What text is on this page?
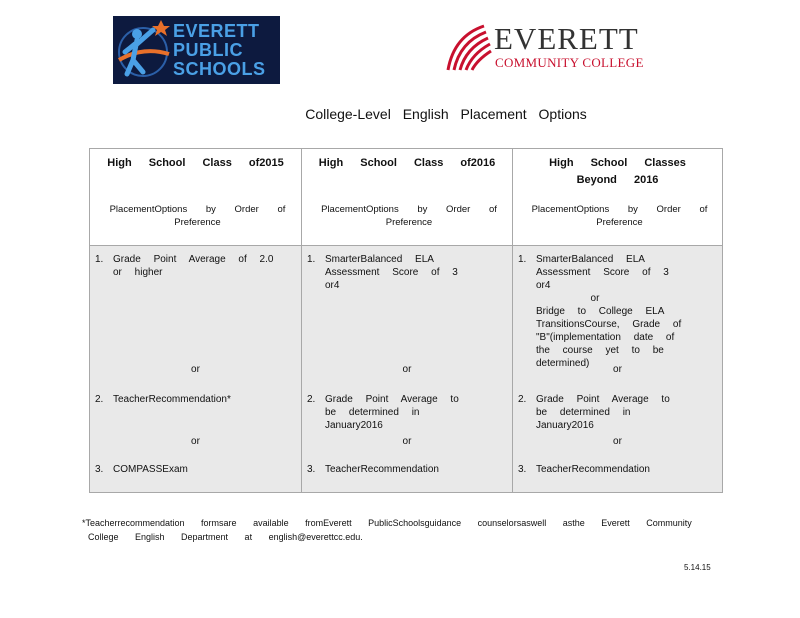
EVERETT
PUBLIC
SCHOOLS
EVERETT
COMMUNITY COLLEGE
College-Level English Placement Options
High School Class of2015
PlacementOptions by Order of Preference
1. Grade Point Average of 2.0 or higher
or
2. TeacherRecommendation*
or
3. COMPASSExam
High School Class of2016
PlacementOptions by Order of Preference
1. SmarterBalanced ELA Assessment Score of 3 or4
or
2. Grade Point Average to be determined in January2016
or
3. TeacherRecommendation
High School Classes
Beyond 2016
PlacementOptions by Order of Preference
1. SmarterBalanced ELA Assessment Score of 3 or4
or
Bridge to College ELA TransitionsCourse, Grade of "B"(implementation date of the course yet to be determined)
or
2. Grade Point Average to be determined in January2016
or
3. TeacherRecommendation
*Teacherrecommendation formsare available fromEverett PublicSchoolsguidance counselorsaswell asthe Everett Community
College English Department at english@everettcc.edu.
5.14.15
